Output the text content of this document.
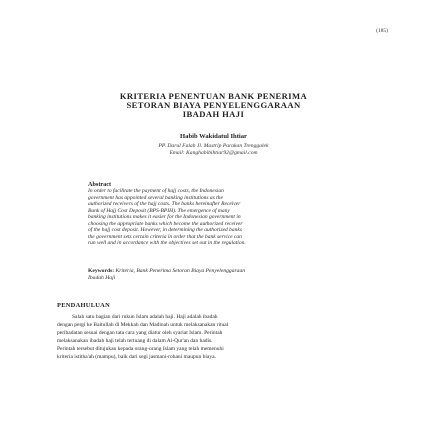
(185)
KRITERIA PENENTUAN BANK PENERIMA
SETORAN BIAYA PENYELENGGARAAN
IBADAH HAJI
Habib Wakidatul Ihtiar
PP. Darul Falah Jl. Mastrip Parakan Trenggalek
Email: Kanghabibihtiar92@gmail.com
Abstract
In order to facilitate the payment of hajj costs, the Indonesian
government has appointed several banking institutions as the
authorized receivers of the hajj costs. The banks hereinafter Receiver
Bank of Hajj Cost Deposit (BPS-BPIH). The emergence of many
banking institutions makes it easier for the Indonesian government in
choosing the appropriate banks which become the authorized receiver
of the hajj cost deposit. However, in determining the authorized banks
the government sets certain criteria in order that the bank service can
run well and in accordance with the objectives set out in the regulation.
Keywords: Kriteria, Bank Penerima Setoran Biaya Penyelenggaraan
Ibadah Haji
PENDAHULUAN
Salah satu bagian dari rukun Islam adalah haji. Haji adalah ibadah
dengan pergi ke Baitullah di Mekkah dan Madinah untuk melaksanakan ritual
peribadatan sesuai dengan tata cara yang diatur oleh syariat Islam. Perintah
melaksanakan ibadah haji telah tertuang di dalam Al-Qur'an dan hadis.
Perintah tersebut ditujukan kepada orang-orang Islam yang telah memenuhi
kriteria istitha'ah (mampu), baik dari segi jasmani-rohani maupun biaya.
